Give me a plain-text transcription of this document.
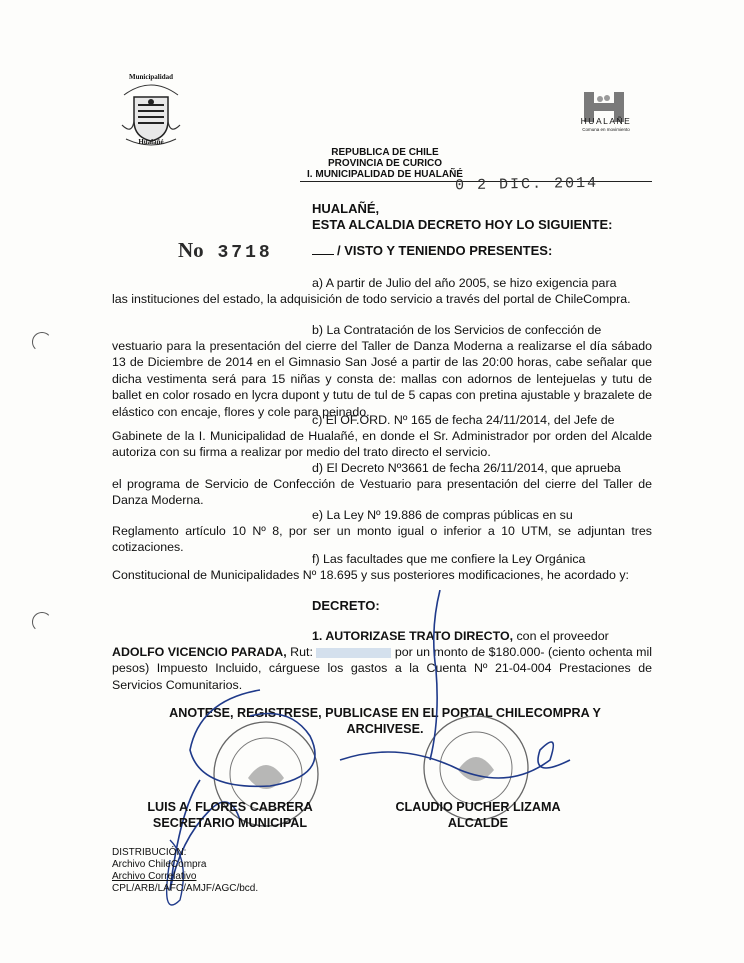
Municipalidad
Hualañé
HUALAÑE
Comuna en movimiento
REPUBLICA DE CHILE
PROVINCIA DE CURICO
I. MUNICIPALIDAD DE HUALAÑÉ
0 2 DIC. 2014
HUALAÑÉ,
ESTA ALCALDIA DECRETO HOY LO SIGUIENTE:
No 3718	/ VISTO Y TENIENDO PRESENTES:
a) A partir de Julio del año 2005, se hizo exigencia para
las instituciones del estado, la adquisición de todo servicio a través del portal de ChileCompra.
b) La Contratación de los Servicios de confección de
vestuario para la presentación del cierre del Taller de Danza Moderna a realizarse el día sábado 13 de Diciembre de 2014 en el Gimnasio San José a partir de las 20:00 horas, cabe señalar que dicha vestimenta será para 15 niñas y consta de: mallas con adornos de lentejuelas y tutu de ballet en color rosado en lycra dupont y tutu de tul de 5 capas con pretina ajustable y brazalete de elástico con encaje, flores y cole para peinado.
c) El OF.ORD. Nº 165 de fecha 24/11/2014, del Jefe de
Gabinete de la I. Municipalidad de Hualañé, en donde el Sr. Administrador por orden del Alcalde autoriza con su firma a realizar por medio del trato directo el servicio.
d) El Decreto Nº3661 de fecha 26/11/2014, que aprueba
el programa de Servicio de Confección de Vestuario para presentación del cierre del Taller de Danza Moderna.
e) La Ley Nº 19.886 de compras públicas en su
Reglamento artículo 10 Nº 8, por ser un monto igual o inferior a 10 UTM, se adjuntan tres cotizaciones.
f) Las facultades que me confiere la Ley Orgánica
Constitucional de Municipalidades Nº 18.695 y sus posteriores modificaciones, he acordado y:
DECRETO:
1. AUTORIZASE TRATO DIRECTO, con el proveedor
ADOLFO VICENCIO PARADA, Rut:	por un monto de $180.000- (ciento ochenta mil pesos) Impuesto Incluido, cárguese los gastos a la Cuenta Nº 21-04-004 Prestaciones de Servicios Comunitarios.
ANOTESE, REGISTRESE, PUBLICASE EN EL PORTAL CHILECOMPRA Y
ARCHIVESE.
LUIS A. FLORES CABRERA
SECRETARIO MUNICIPAL
CLAUDIO PUCHER LIZAMA
ALCALDE
DISTRIBUCIÓN:
Archivo ChileCompra
Archivo Correlativo
CPL/ARB/LAFC/AMJF/AGC/bcd.
